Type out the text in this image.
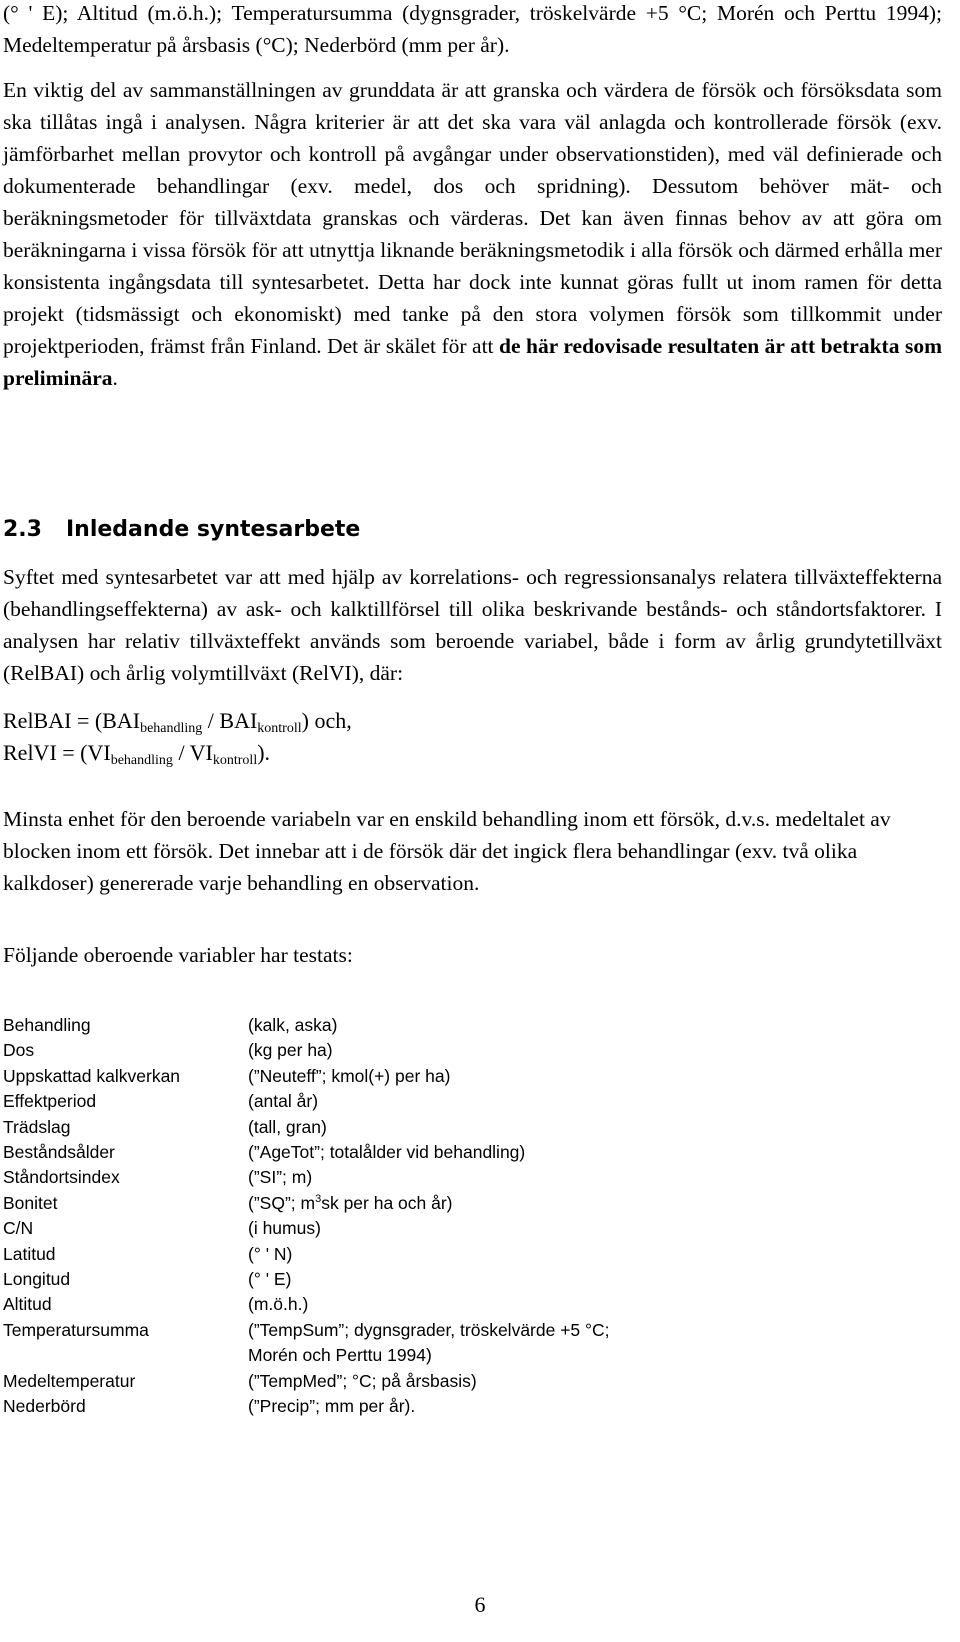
(° ' E); Altitud (m.ö.h.); Temperatursumma (dygnsgrader, tröskelvärde +5 °C; Morén och Perttu 1994); Medeltemperatur på årsbasis (°C); Nederbörd (mm per år).

En viktig del av sammanställningen av grunddata är att granska och värdera de försök och försöksdata som ska tillåtas ingå i analysen. Några kriterier är att det ska vara väl anlagda och kontrollerade försök (exv. jämförbarhet mellan provytor och kontroll på avgångar under observationstiden), med väl definierade och dokumenterade behandlingar (exv. medel, dos och spridning). Dessutom behöver mät- och beräkningsmetoder för tillväxtdata granskas och värderas. Det kan även finnas behov av att göra om beräkningarna i vissa försök för att utnyttja liknande beräkningsmetodik i alla försök och därmed erhålla mer konsistenta ingångsdata till syntesarbetet. Detta har dock inte kunnat göras fullt ut inom ramen för detta projekt (tidsmässigt och ekonomiskt) med tanke på den stora volymen försök som tillkommit under projektperioden, främst från Finland. Det är skälet för att de här redovisade resultaten är att betrakta som preliminära.

2.3 Inledande syntesarbete

Syftet med syntesarbetet var att med hjälp av korrelations- och regressionsanalys relatera tillväxteffekterna (behandlingseffekterna) av ask- och kalktillförsel till olika beskrivande bestånds- och ståndortsfaktorer. I analysen har relativ tillväxteffekt används som beroende variabel, både i form av årlig grundytetillväxt (RelBAI) och årlig volymtillväxt (RelVI), där:

RelBAI = $(BAI_{behandling} / BAI_{kontroll})$ och,
RelVI = $(VI_{behandling} / VI_{kontroll})$.

Minsta enhet för den beroende variabeln var en enskild behandling inom ett försök, d.v.s. medeltalet av blocken inom ett försök. Det innebar att i de försök där det ingick flera behandlingar (exv. två olika kalkdoser) genererade varje behandling en observation.

Följande oberoende variabler har testats:

Behandling	(kalk, aska)
Dos	(kg per ha)
Uppskattad kalkverkan	(”Neuteff”; kmol(+) per ha)
Effektperiod	(antal år)
Trädslag	(tall, gran)
Beståndsålder	(”AgeTot”; totalålder vid behandling)
Ståndortsindex	(”SI”; m)
Bonitet	(”SQ”; $m^3sk$ per ha och år)
C/N	(i humus)
Latitud	(° ' N)
Longitud	(° ' E)
Altitud	(m.ö.h.)
Temperatursumma	(”TempSum”; dygnsgrader, tröskelvärde +5 °C;
Morén och Perttu 1994)
Medeltemperatur	(”TempMed”; °C; på årsbasis)
Nederbörd	(”Precip”; mm per år).
6
